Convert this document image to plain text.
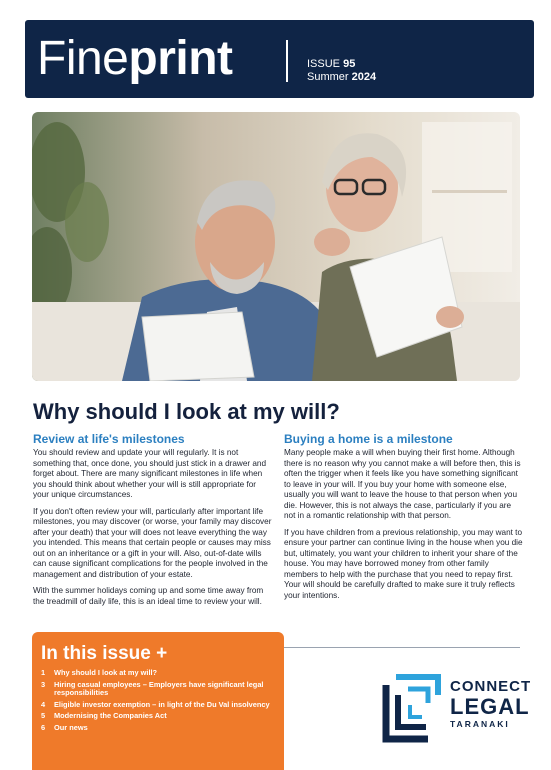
Fineprint	ISSUE 95
Summer 2024
Why should I look at my will?
Review at life's milestones

You should review and update your will regularly. It is not something that, once done, you should just stick in a drawer and forget about. There are many significant milestones in life when you should think about whether your will is still appropriate for your unique circumstances.

If you don't often review your will, particularly after important life milestones, you may discover (or worse, your family may discover after your death) that your will does not leave everything the way you intended. This means that certain people or causes may miss out on an inheritance or a gift in your will. Also, out-of-date wills can cause significant complications for the people involved in the management and distribution of your estate.

With the summer holidays coming up and some time away from the treadmill of daily life, this is an ideal time to review your will.

Buying a home is a milestone

Many people make a will when buying their first home. Although there is no reason why you cannot make a will before then, this is often the trigger when it feels like you have something significant to leave in your will. If you buy your home with someone else, usually you will want to leave the house to that person when you die. However, this is not always the case, particularly if you are not in a romantic relationship with that person.

If you have children from a previous relationship, you may want to ensure your partner can continue living in the house when you die but, ultimately, you want your children to inherit your share of the house. You may have borrowed money from other family members to help with the purchase that you need to repay first. Your will should be carefully drafted to make sure it truly reflects your intentions.

In this issue +
1 Why should I look at my will?
3 Hiring casual employees – Employers have significant legal responsibilities
4 Eligible investor exemption – in light of the Du Val insolvency
5 Modernising the Companies Act
6 Our news
CONNECT
LEGAL
TARANAKI
